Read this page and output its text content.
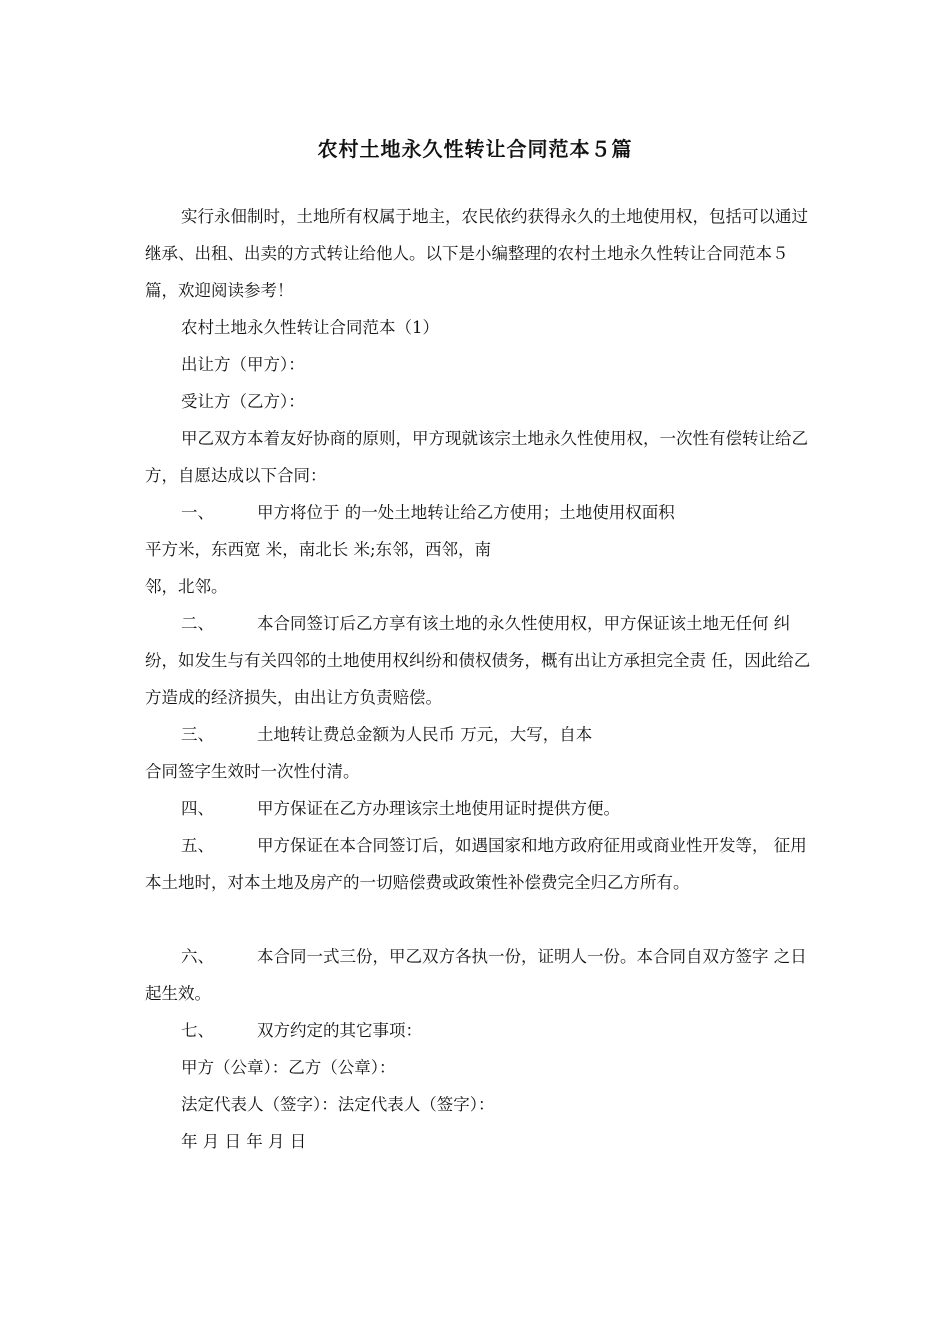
农村土地永久性转让合同范本５篇
实行永佃制时，土地所有权属于地主，农民依约获得永久的土地使用权，包括可以通过继承、出租、出卖的方式转让给他人。以下是小编整理的农村土地永久性转让合同范本５篇，欢迎阅读参考！
农村土地永久性转让合同范本（1）
出让方（甲方）：
受让方（乙方）：
甲乙双方本着友好协商的原则，甲方现就该宗土地永久性使用权，一次性有偿转让给乙方，自愿达成以下合同：
一、	甲方将位于 的一处土地转让给乙方使用；土地使用权面积
平方米，东西宽 米，南北长 米;东邻，西邻，南
邻，北邻。
二、	本合同签订后乙方享有该土地的永久性使用权，甲方保证该土地无任何 纠纷，如发生与有关四邻的土地使用权纠纷和债权债务，概有出让方承担完全责 任，因此给乙方造成的经济损失，由出让方负责赔偿。
三、	土地转让费总金额为人民币 万元，大写，自本
合同签字生效时一次性付清。
四、	甲方保证在乙方办理该宗土地使用证时提供方便。
五、	甲方保证在本合同签订后，如遇国家和地方政府征用或商业性开发等， 征用本土地时，对本土地及房产的一切赔偿费或政策性补偿费完全归乙方所有。
六、	本合同一式三份，甲乙双方各执一份，证明人一份。本合同自双方签字 之日起生效。
七、	双方约定的其它事项：
甲方（公章）：乙方（公章）：
法定代表人（签字）：法定代表人（签字）：
年 月 日 年 月 日
